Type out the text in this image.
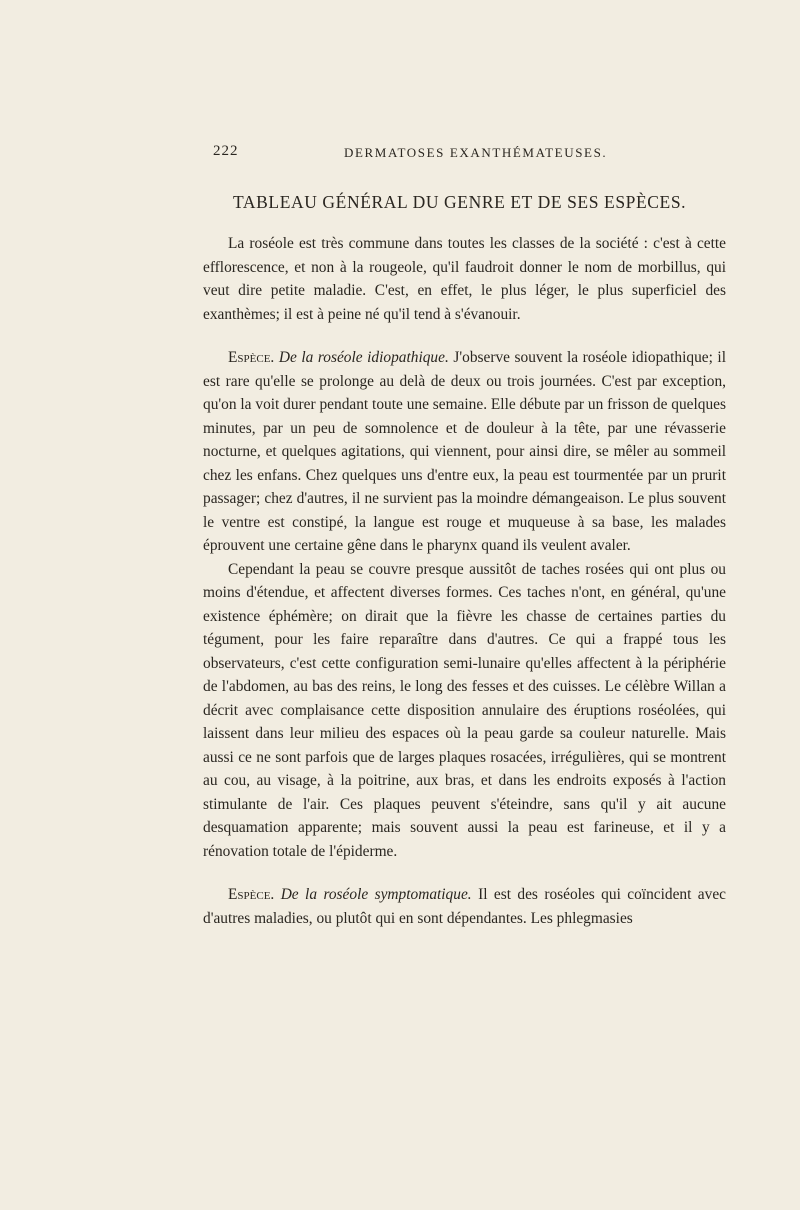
222	DERMATOSES EXANTHÉMATEUSES.
TABLEAU GÉNÉRAL DU GENRE ET DE SES ESPÈCES.

La roséole est très commune dans toutes les classes de la société : c'est à cette efflorescence, et non à la rougeole, qu'il faudroit donner le nom de morbillus, qui veut dire petite maladie. C'est, en effet, le plus léger, le plus superficiel des exanthèmes; il est à peine né qu'il tend à s'évanouir.

Espèce. De la roséole idiopathique. J'observe souvent la roséole idiopathique; il est rare qu'elle se prolonge au delà de deux ou trois journées. C'est par exception, qu'on la voit durer pendant toute une semaine. Elle débute par un frisson de quelques minutes, par un peu de somnolence et de douleur à la tête, par une révasserie nocturne, et quelques agitations, qui viennent, pour ainsi dire, se mêler au sommeil chez les enfans. Chez quelques uns d'entre eux, la peau est tourmentée par un prurit passager; chez d'autres, il ne survient pas la moindre démangeaison. Le plus souvent le ventre est constipé, la langue est rouge et muqueuse à sa base, les malades éprouvent une certaine gêne dans le pharynx quand ils veulent avaler.

Cependant la peau se couvre presque aussitôt de taches rosées qui ont plus ou moins d'étendue, et affectent diverses formes. Ces taches n'ont, en général, qu'une existence éphémère; on dirait que la fièvre les chasse de certaines parties du tégument, pour les faire reparaître dans d'autres. Ce qui a frappé tous les observateurs, c'est cette configuration semi-lunaire qu'elles affectent à la périphérie de l'abdomen, au bas des reins, le long des fesses et des cuisses. Le célèbre Willan a décrit avec complaisance cette disposition annulaire des éruptions roséolées, qui laissent dans leur milieu des espaces où la peau garde sa couleur naturelle. Mais aussi ce ne sont parfois que de larges plaques rosacées, irrégulières, qui se montrent au cou, au visage, à la poitrine, aux bras, et dans les endroits exposés à l'action stimulante de l'air. Ces plaques peuvent s'éteindre, sans qu'il y ait aucune desquamation apparente; mais souvent aussi la peau est farineuse, et il y a rénovation totale de l'épiderme.

Espèce. De la roséole symptomatique. Il est des roséoles qui coïncident avec d'autres maladies, ou plutôt qui en sont dépendantes. Les phlegmasies
